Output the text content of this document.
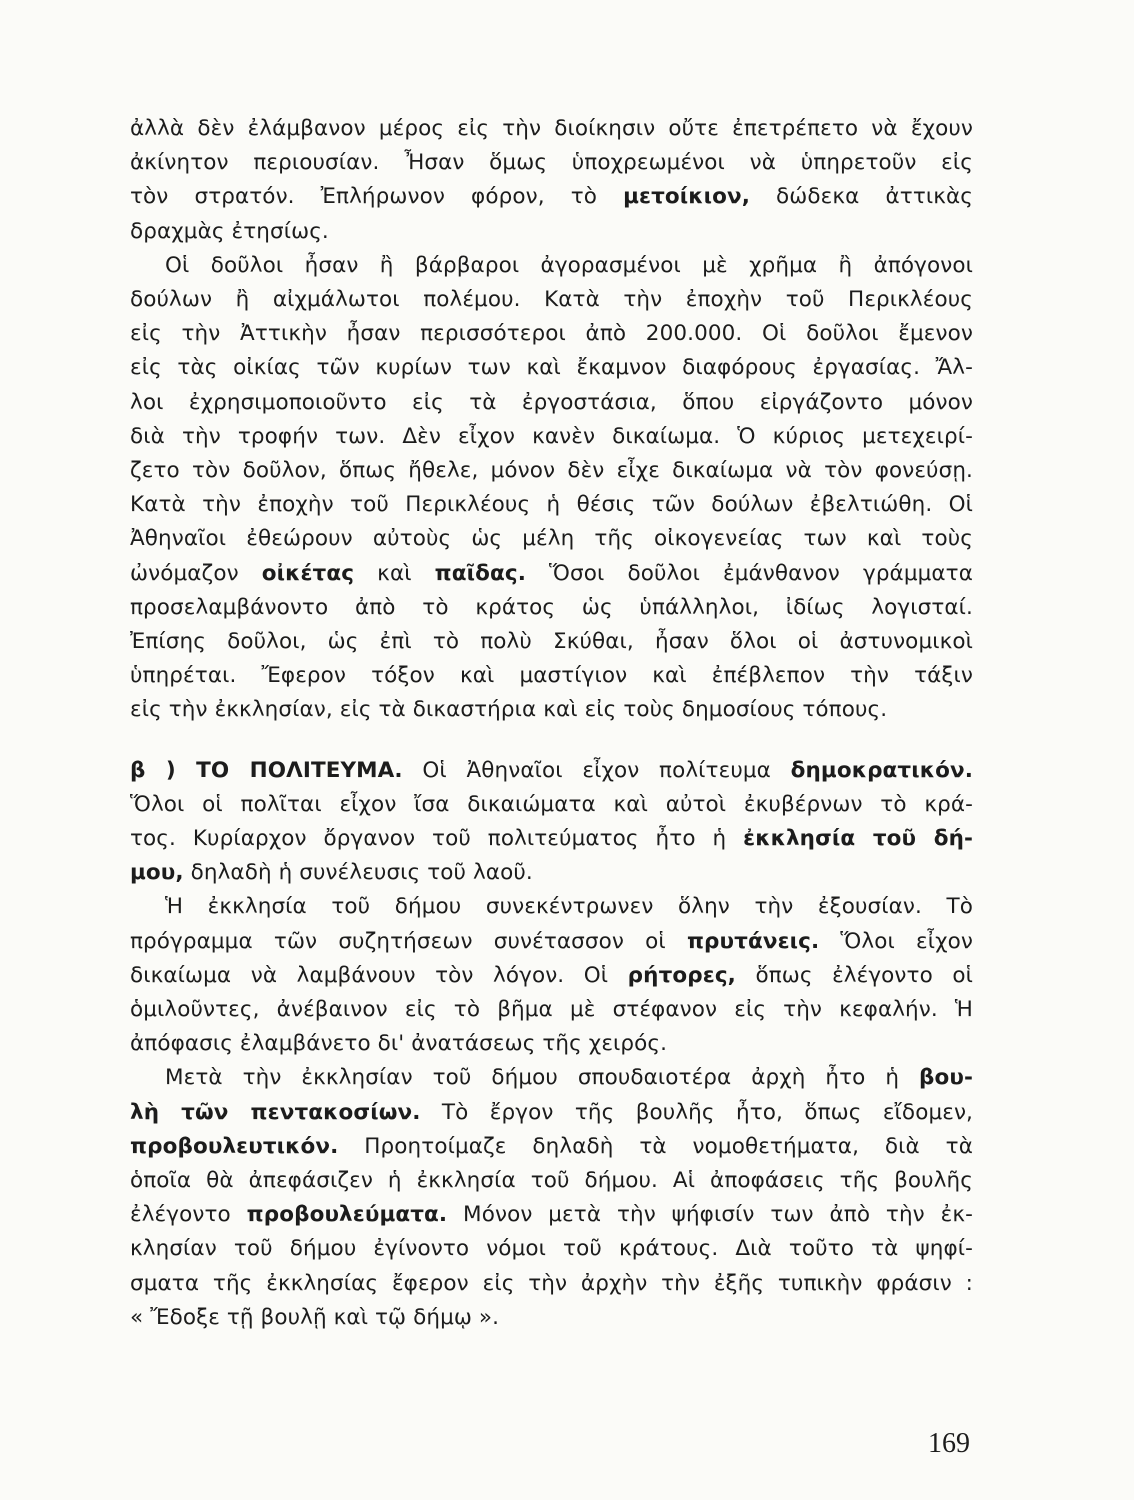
ἀλλὰ δὲν ἐλάμβανον μέρος εἰς τὴν διοίκησιν οὔτε ἐπετρέπετο νὰ ἔχουν
ἀκίνητον περιουσίαν. Ἦσαν ὅμως ὑποχρεωμένοι νὰ ὑπηρετοῦν εἰς
τὸν στρατόν. Ἐπλήρωνον φόρον, τὸ μετοίκιον, δώδεκα ἀττικὰς
δραχμὰς ἐτησίως.
Οἱ δοῦλοι ἦσαν ἢ βάρβαροι ἀγορασμένοι μὲ χρῆμα ἢ ἀπόγονοι
δούλων ἢ αἰχμάλωτοι πολέμου. Κατὰ τὴν ἐποχὴν τοῦ Περικλέους
εἰς τὴν Ἀττικὴν ἦσαν περισσότεροι ἀπὸ 200.000. Οἱ δοῦλοι ἔμενον
εἰς τὰς οἰκίας τῶν κυρίων των καὶ ἔκαμνον διαφόρους ἐργασίας. Ἄλ-
λοι ἐχρησιμοποιοῦντο εἰς τὰ ἐργοστάσια, ὅπου εἰργάζοντο μόνον
διὰ τὴν τροφήν των. Δὲν εἶχον κανὲν δικαίωμα. Ὁ κύριος μετεχειρί-
ζετο τὸν δοῦλον, ὅπως ἤθελε, μόνον δὲν εἶχε δικαίωμα νὰ τὸν φονεύσῃ.
Κατὰ τὴν ἐποχὴν τοῦ Περικλέους ἡ θέσις τῶν δούλων ἐβελτιώθη. Οἱ
Ἀθηναῖοι ἐθεώρουν αὐτοὺς ὡς μέλη τῆς οἰκογενείας των καὶ τοὺς
ὠνόμαζον οἰκέτας καὶ παῖδας. Ὅσοι δοῦλοι ἐμάνθανον γράμματα
προσελαμβάνοντο ἀπὸ τὸ κράτος ὡς ὑπάλληλοι, ἰδίως λογισταί.
Ἐπίσης δοῦλοι, ὡς ἐπὶ τὸ πολὺ Σκύθαι, ἦσαν ὅλοι οἱ ἀστυνομικοὶ
ὑπηρέται. Ἔφερον τόξον καὶ μαστίγιον καὶ ἐπέβλεπον τὴν τάξιν
εἰς τὴν ἐκκλησίαν, εἰς τὰ δικαστήρια καὶ εἰς τοὺς δημοσίους τόπους.
β ) ΤΟ ΠΟΛΙΤΕΥΜΑ. Οἱ Ἀθηναῖοι εἶχον πολίτευμα δημοκρατικόν.
Ὅλοι οἱ πολῖται εἶχον ἴσα δικαιώματα καὶ αὐτοὶ ἐκυβέρνων τὸ κρά-
τος. Κυρίαρχον ὄργανον τοῦ πολιτεύματος ἦτο ἡ ἐκκλησία τοῦ δή-
μου, δηλαδὴ ἡ συνέλευσις τοῦ λαοῦ.
Ἡ ἐκκλησία τοῦ δήμου συνεκέντρωνεν ὅλην τὴν ἐξουσίαν. Τὸ
πρόγραμμα τῶν συζητήσεων συνέτασσον οἱ πρυτάνεις. Ὅλοι εἶχον
δικαίωμα νὰ λαμβάνουν τὸν λόγον. Οἱ ρήτορες, ὅπως ἐλέγοντο οἱ
ὁμιλοῦντες, ἀνέβαινον εἰς τὸ βῆμα μὲ στέφανον εἰς τὴν κεφαλήν. Ἡ
ἀπόφασις ἐλαμβάνετο δι' ἀνατάσεως τῆς χειρός.
Μετὰ τὴν ἐκκλησίαν τοῦ δήμου σπουδαιοτέρα ἀρχὴ ἦτο ἡ βου-
λὴ τῶν πεντακοσίων. Τὸ ἔργον τῆς βουλῆς ἦτο, ὅπως εἴδομεν,
προβουλευτικόν. Προητοίμαζε δηλαδὴ τὰ νομοθετήματα, διὰ τὰ
ὁποῖα θὰ ἀπεφάσιζεν ἡ ἐκκλησία τοῦ δήμου. Αἱ ἀποφάσεις τῆς βουλῆς
ἐλέγοντο προβουλεύματα. Μόνον μετὰ τὴν ψήφισίν των ἀπὸ τὴν ἐκ-
κλησίαν τοῦ δήμου ἐγίνοντο νόμοι τοῦ κράτους. Διὰ τοῦτο τὰ ψηφί-
σματα τῆς ἐκκλησίας ἔφερον εἰς τὴν ἀρχὴν τὴν ἐξῆς τυπικὴν φράσιν :
« Ἔδοξε τῇ βουλῇ καὶ τῷ δήμῳ ».
169
